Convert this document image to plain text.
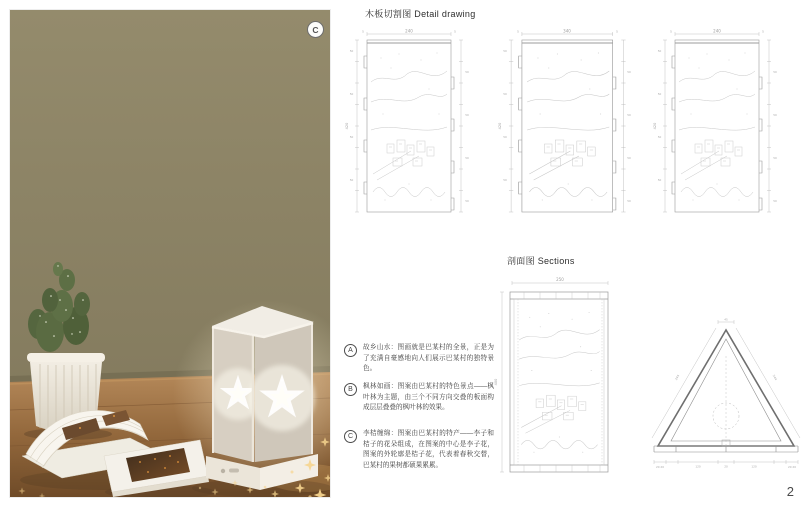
C
木板切割图 Detail drawing
剖面图 Sections
240
5	5
420
50
50
50
50
50
50
50
50
340
5	5
420
50
50
50
50
50
50
50
50
240
5	5
420
50
50
50
50
50
50
50
50
250
400
20 20	120	20	120	20 20
244	244
45
A	故乡山水：图画就是巴某村的全景，正是为了充满自豪感地向人们展示巴某村的独特景色。
B	枫林如画：图案由巴某村的特色景点——枫叶林为主题，由三个不同方向交叠的板面构成层层叠叠的枫叶林的效果。
C	李桔缠绵：图案由巴某村的特产——李子和桔子的花朵组成，在图案的中心是李子花，图案的外轮廓是桔子花，代表着春秋交替，巴某村的果树都硕果累累。
2
